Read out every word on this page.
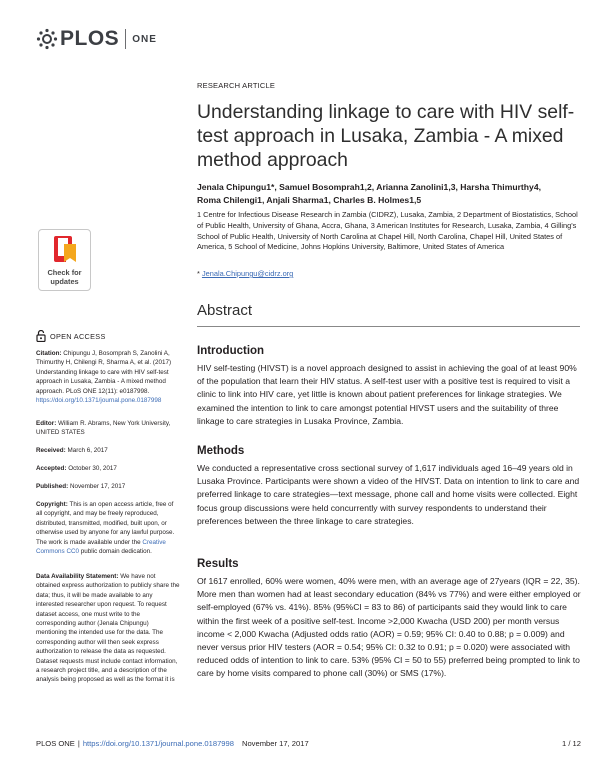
PLOS ONE
Check for
updates
OPEN ACCESS
Citation: Chipungu J, Bosomprah S, Zanolini A, Thimurthy H, Chilengi R, Sharma A, et al. (2017) Understanding linkage to care with HIV self-test approach in Lusaka, Zambia - A mixed method approach. PLoS ONE 12(11): e0187998. https://doi.org/10.1371/journal.pone.0187998
Editor: William R. Abrams, New York University, UNITED STATES
Received: March 6, 2017
Accepted: October 30, 2017
Published: November 17, 2017
Copyright: This is an open access article, free of all copyright, and may be freely reproduced, distributed, transmitted, modified, built upon, or otherwise used by anyone for any lawful purpose. The work is made available under the Creative Commons CC0 public domain dedication.
Data Availability Statement: We have not obtained express authorization to publicly share the data; thus, it will be made available to any interested researcher upon request. To request dataset access, one must write to the corresponding author (Jenala Chipungu) mentioning the intended use for the data. The corresponding author will then seek express authorization to release the data as requested. Dataset requests must include contact information, a research project title, and a description of the analysis being proposed as well as the format it is
RESEARCH ARTICLE
Understanding linkage to care with HIV self-test approach in Lusaka, Zambia - A mixed method approach
Jenala Chipungu1*, Samuel Bosomprah1,2, Arianna Zanolini1,3, Harsha Thimurthy4,
Roma Chilengi1, Anjali Sharma1, Charles B. Holmes1,5
1 Centre for Infectious Disease Research in Zambia (CIDRZ), Lusaka, Zambia, 2 Department of Biostatistics, School of Public Health, University of Ghana, Accra, Ghana, 3 American Institutes for Research, Lusaka, Zambia, 4 Gilling's School of Public Health, University of North Carolina at Chapel Hill, North Carolina, Chapel Hill, United States of America, 5 School of Medicine, Johns Hopkins University, Baltimore, United States of America
* Jenala.Chipungu@cidrz.org
Abstract
Introduction
HIV self-testing (HIVST) is a novel approach designed to assist in achieving the goal of at least 90% of the population that learn their HIV status. A self-test user with a positive test is required to visit a clinic to link into HIV care, yet little is known about patient preferences for linkage strategies. We examined the intention to link to care amongst potential HIVST users and the suitability of three linkage to care strategies in Lusaka Province, Zambia.
Methods
We conducted a representative cross sectional survey of 1,617 individuals aged 16–49 years old in Lusaka Province. Participants were shown a video of the HIVST. Data on intention to link to care and preferred linkage to care strategies—text message, phone call and home visits were collected. Eight focus group discussions were held concurrently with survey respondents to understand their preferences between the three linkage to care strategies.
Results
Of 1617 enrolled, 60% were women, 40% were men, with an average age of 27years (IQR = 22, 35). More men than women had at least secondary education (84% vs 77%) and were either employed or self-employed (67% vs. 41%). 85% (95%CI = 83 to 86) of participants said they would link to care within the first week of a positive self-test. Income >2,000 Kwacha (USD 200) per month versus income < 2,000 Kwacha (Adjusted odds ratio (AOR) = 0.59; 95% CI: 0.40 to 0.88; p = 0.009) and never versus prior HIV testers (AOR = 0.54; 95% CI: 0.32 to 0.91; p = 0.020) were associated with reduced odds of intention to link to care. 53% (95% CI = 50 to 55) preferred being prompted to link to care by home visits compared to phone call (30%) or SMS (17%).
PLOS ONE | https://doi.org/10.1371/journal.pone.0187998 November 17, 2017	1 / 12
